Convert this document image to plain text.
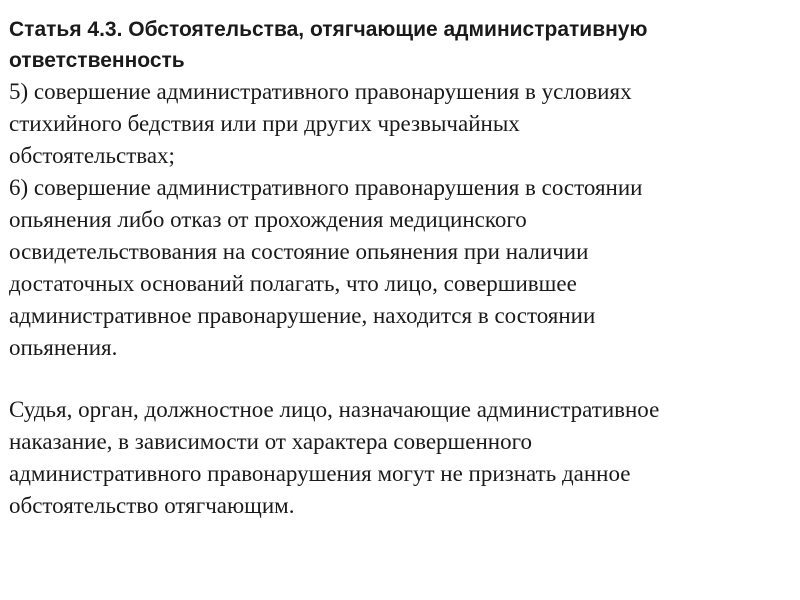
Статья 4.3. Обстоятельства, отягчающие административную
ответственность
5) совершение административного правонарушения в условиях
стихийного бедствия или при других чрезвычайных
обстоятельствах;
6) совершение административного правонарушения в состоянии
опьянения либо отказ от прохождения медицинского
освидетельствования на состояние опьянения при наличии
достаточных оснований полагать, что лицо, совершившее
административное правонарушение, находится в состоянии
опьянения.
Судья, орган, должностное лицо, назначающие административное
наказание, в зависимости от характера совершенного
административного правонарушения могут не признать данное
обстоятельство отягчающим.
